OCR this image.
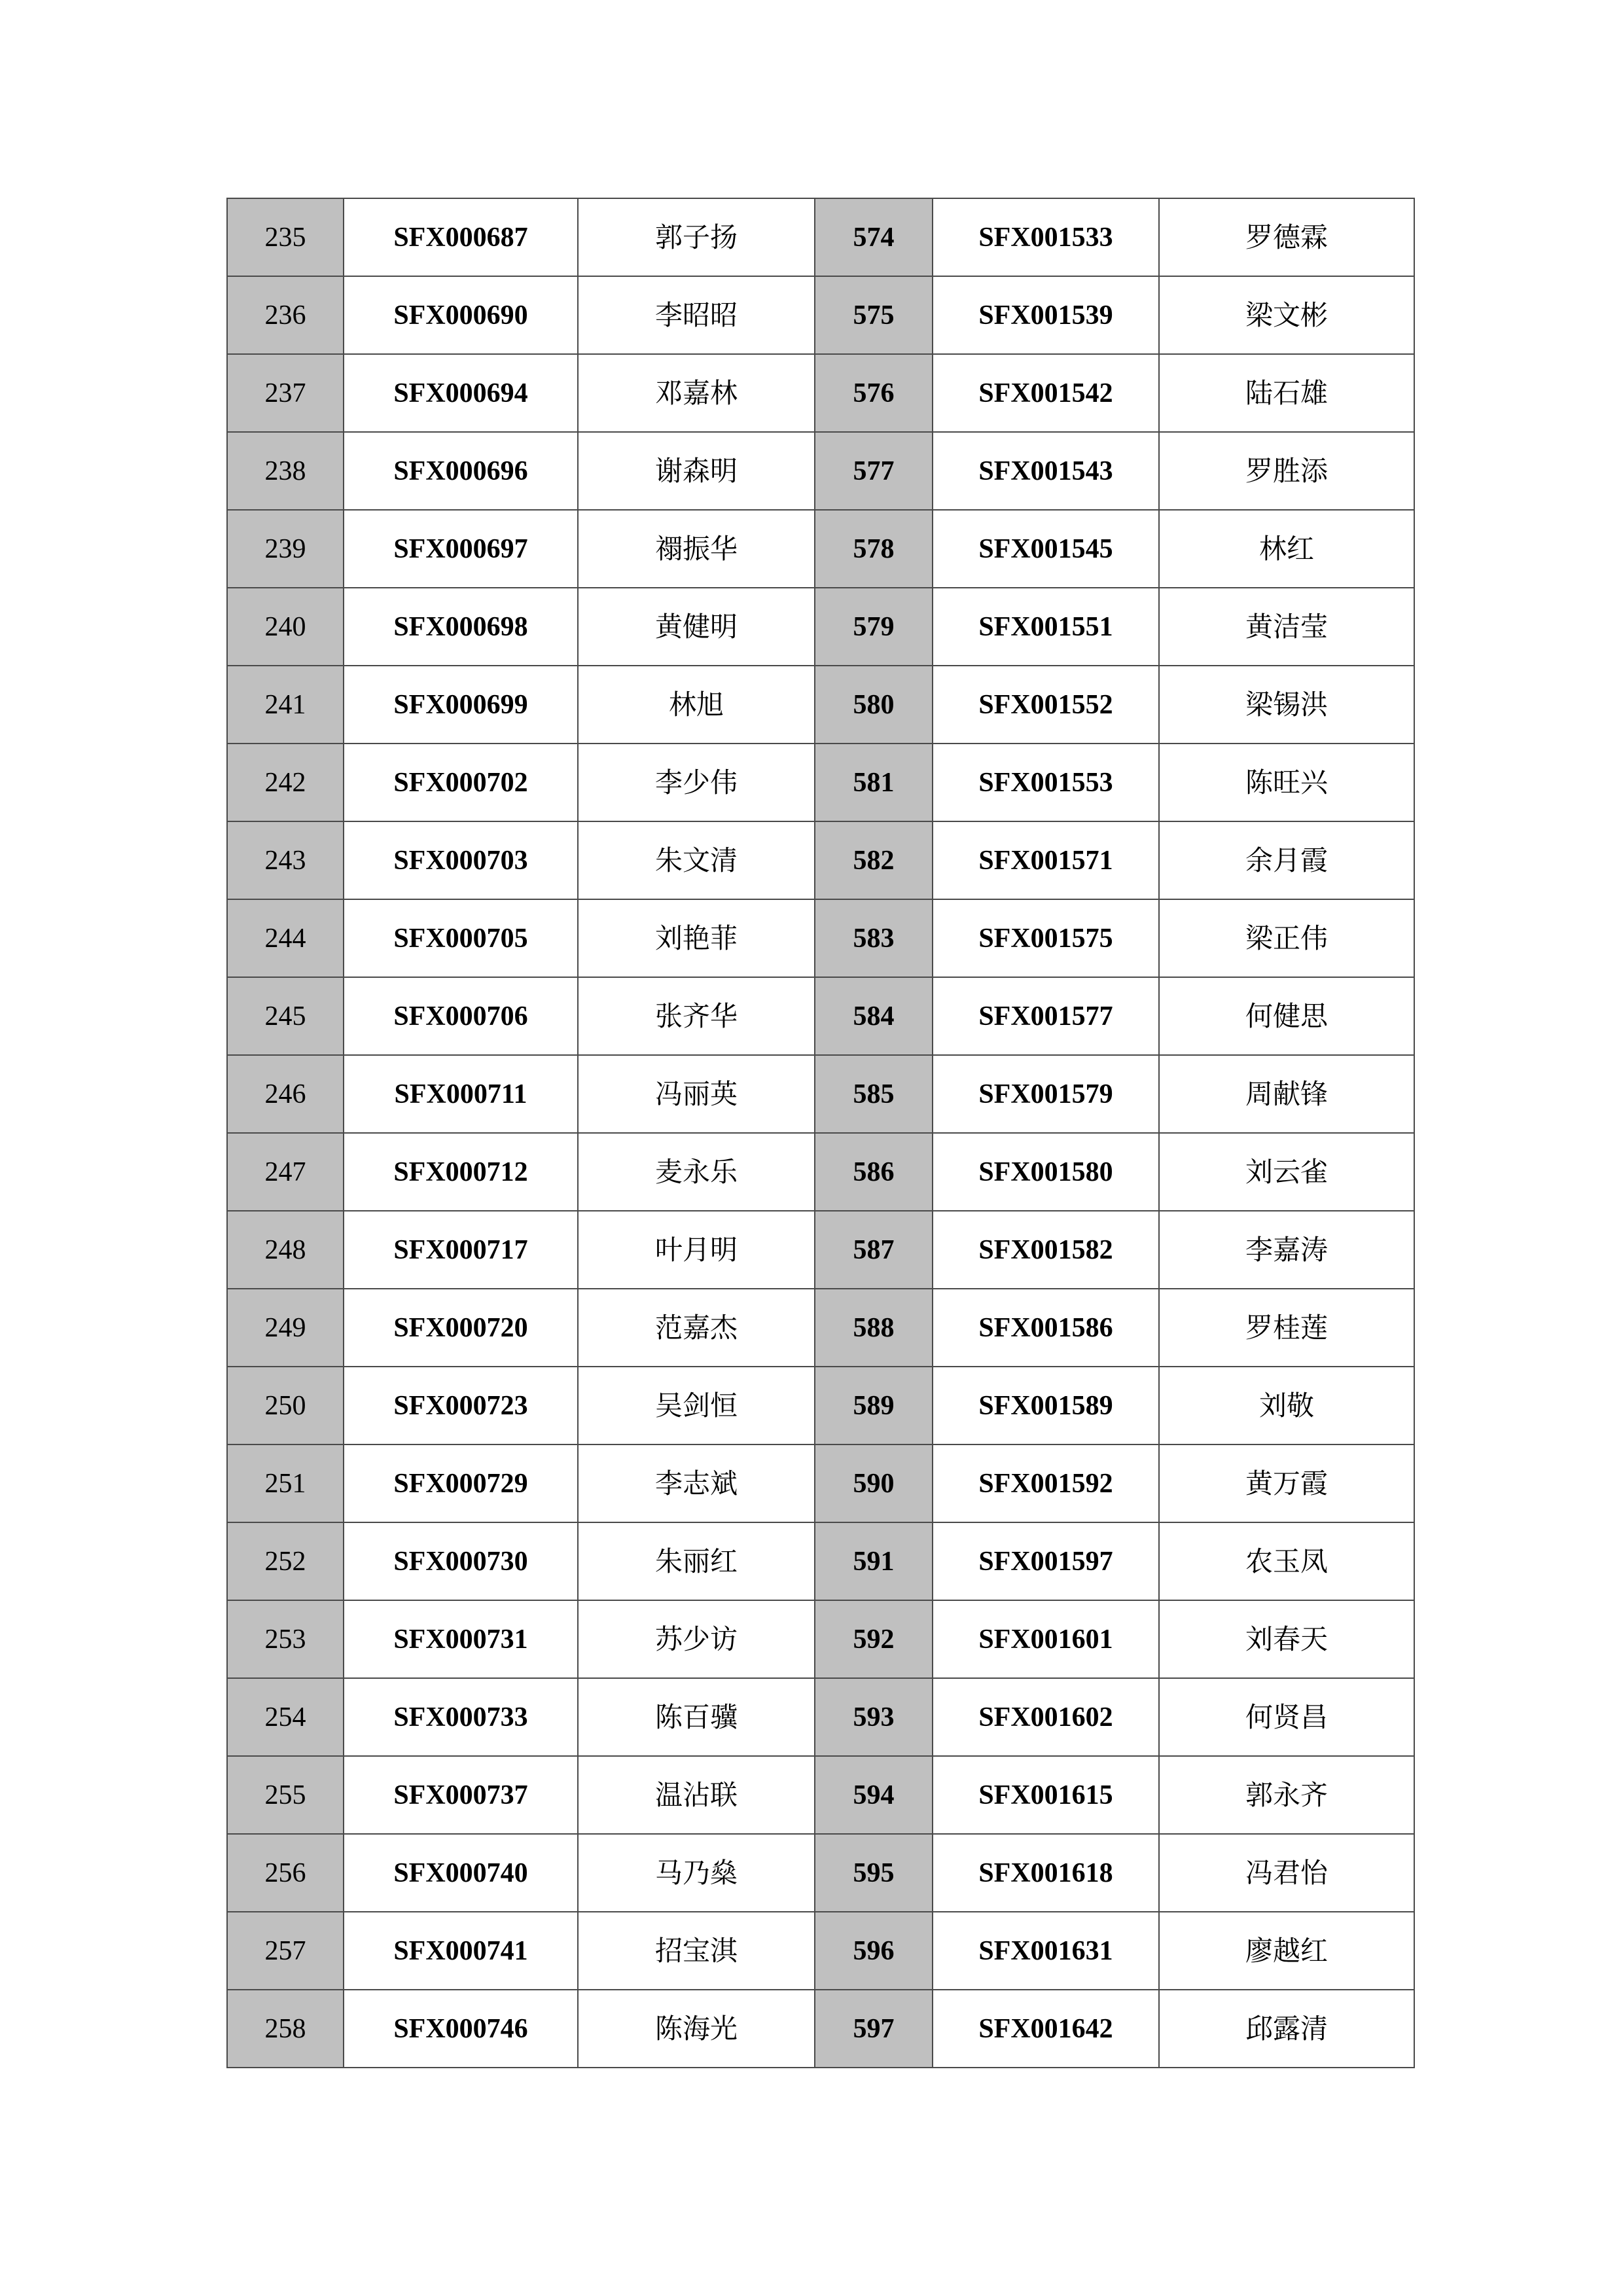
235	SFX000687	郭子扬	574	SFX001533	罗德霖
236	SFX000690	李昭昭	575	SFX001539	梁文彬
237	SFX000694	邓嘉林	576	SFX001542	陆石雄
238	SFX000696	谢森明	577	SFX001543	罗胜添
239	SFX000697	禤振华	578	SFX001545	林红
240	SFX000698	黄健明	579	SFX001551	黄洁莹
241	SFX000699	林旭	580	SFX001552	梁锡洪
242	SFX000702	李少伟	581	SFX001553	陈旺兴
243	SFX000703	朱文清	582	SFX001571	余月霞
244	SFX000705	刘艳菲	583	SFX001575	梁正伟
245	SFX000706	张齐华	584	SFX001577	何健思
246	SFX000711	冯丽英	585	SFX001579	周献锋
247	SFX000712	麦永乐	586	SFX001580	刘云雀
248	SFX000717	叶月明	587	SFX001582	李嘉涛
249	SFX000720	范嘉杰	588	SFX001586	罗桂莲
250	SFX000723	吴剑恒	589	SFX001589	刘敬
251	SFX000729	李志斌	590	SFX001592	黄万霞
252	SFX000730	朱丽红	591	SFX001597	农玉凤
253	SFX000731	苏少访	592	SFX001601	刘春天
254	SFX000733	陈百骥	593	SFX001602	何贤昌
255	SFX000737	温沾联	594	SFX001615	郭永齐
256	SFX000740	马乃燊	595	SFX001618	冯君怡
257	SFX000741	招宝淇	596	SFX001631	廖越红
258	SFX000746	陈海光	597	SFX001642	邱露清
